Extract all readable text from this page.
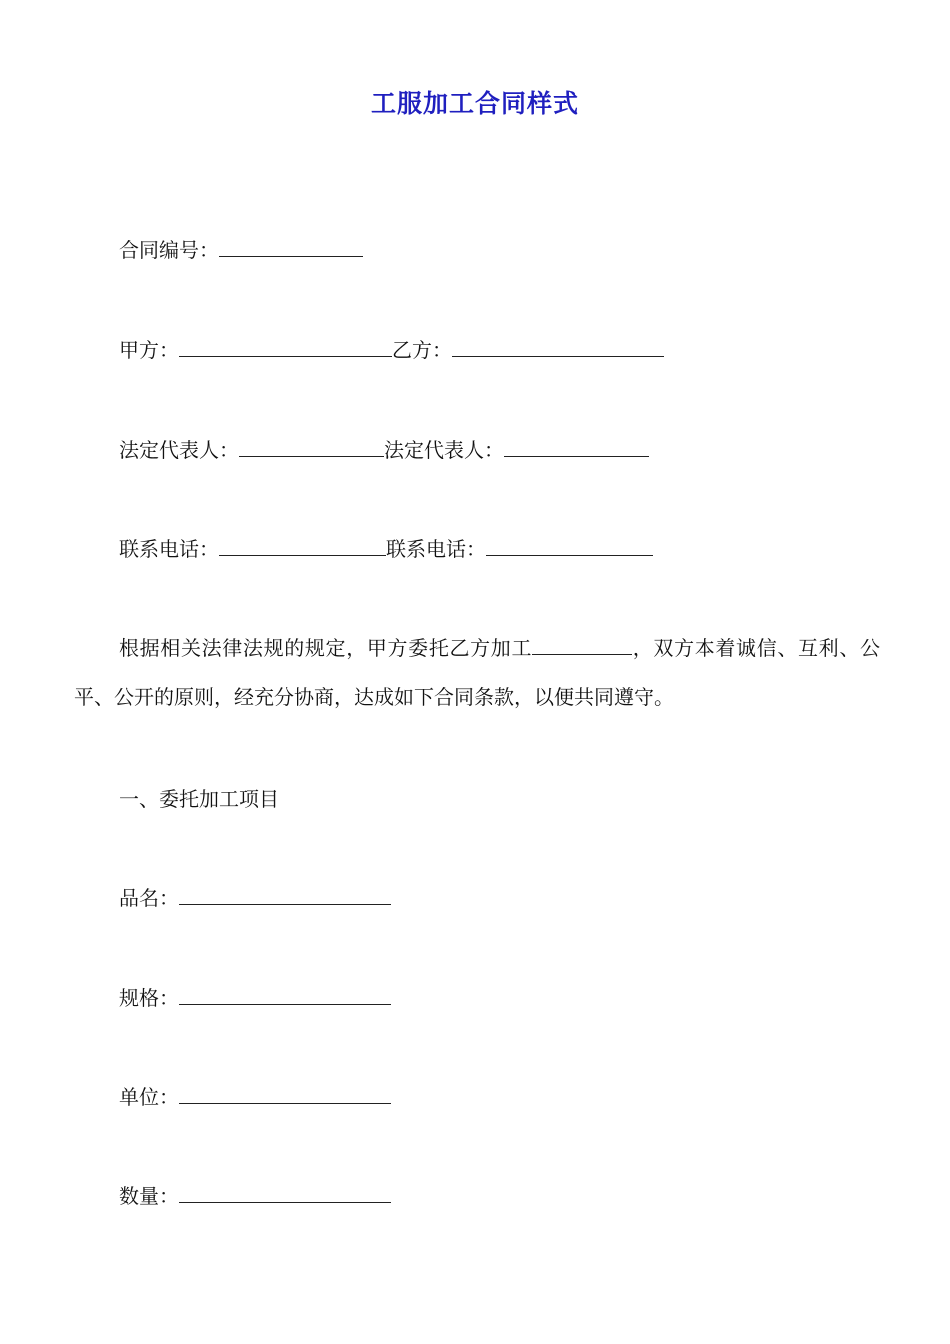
工服加工合同样式
合同编号：
甲方：	乙方：
法定代表人：	法定代表人：
联系电话：	联系电话：
根据相关法律法规的规定，甲方委托乙方加工	，双方本着诚信、互利、公平、公开的原则，经充分协商，达成如下合同条款，以便共同遵守。
一、委托加工项目
品名：
规格：
单位：
数量：
